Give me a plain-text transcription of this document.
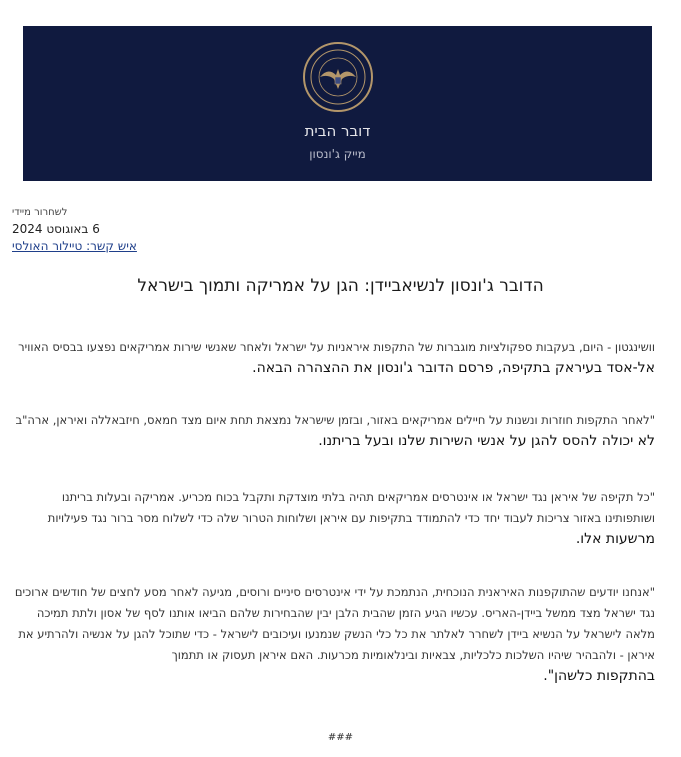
דובר הבית
מייק ג'ונסון
לשחרור מיידי
6 באוגוסט 2024
איש קשר: טיילור האולסי
הדובר ג'ונסון לנשיאביידן: הגן על אמריקה ותמוך בישראל
וושינגטון - היום, בעקבות ספקולציות מוגברות של התקפות איראניות על ישראל ולאחר שאנשי שירות אמריקאים נפצעו בבסיס האוויר
אל-אסד בעיראק בתקיפה, פרסם הדובר ג'ונסון את ההצהרה הבאה.
"לאחר התקפות חוזרות ונשנות על חיילים אמריקאים באזור, ובזמן שישראל נמצאת תחת איום מצד חמאס, חיזבאללה ואיראן, ארה"ב
לא יכולה להסס להגן על אנשי השירות שלנו ובעל בריתנו.
"כל תקיפה של איראן נגד ישראל או אינטרסים אמריקאים תהיה בלתי מוצדקת ותקבל בכוח מכריע. אמריקה ובעלות בריתנו ושותפותינו באזור צריכות לעבוד יחד כדי להתמודד בתקיפות עם איראן ושלוחות הטרור שלה כדי לשלוח מסר ברור נגד פעילויות
מרשעות אלו.
"אנחנו יודעים שהתוקפנות האיראנית הנוכחית, הנתמכת על ידי אינטרסים סיניים ורוסים, מגיעה לאחר מסע לחצים של חודשים ארוכים נגד ישראל מצד ממשל ביידן-האריס. עכשיו הגיע הזמן שהבית הלבן יבין שהבחירות שלהם הביאו אותנו לסף של אסון ולתת תמיכה מלאה לישראל על הנשיא ביידן לשחרר לאלתר את כל כלי הנשק שנמנעו ועיכובים לישראל - כדי שתוכל להגן על אנשיה ולהרתיע את איראן - ולהבהיר שיהיו השלכות כלכליות, צבאיות ובינלאומיות מכרעות. האם איראן תעסוק או תתמוך
בהתקפות כלשהן".
###
